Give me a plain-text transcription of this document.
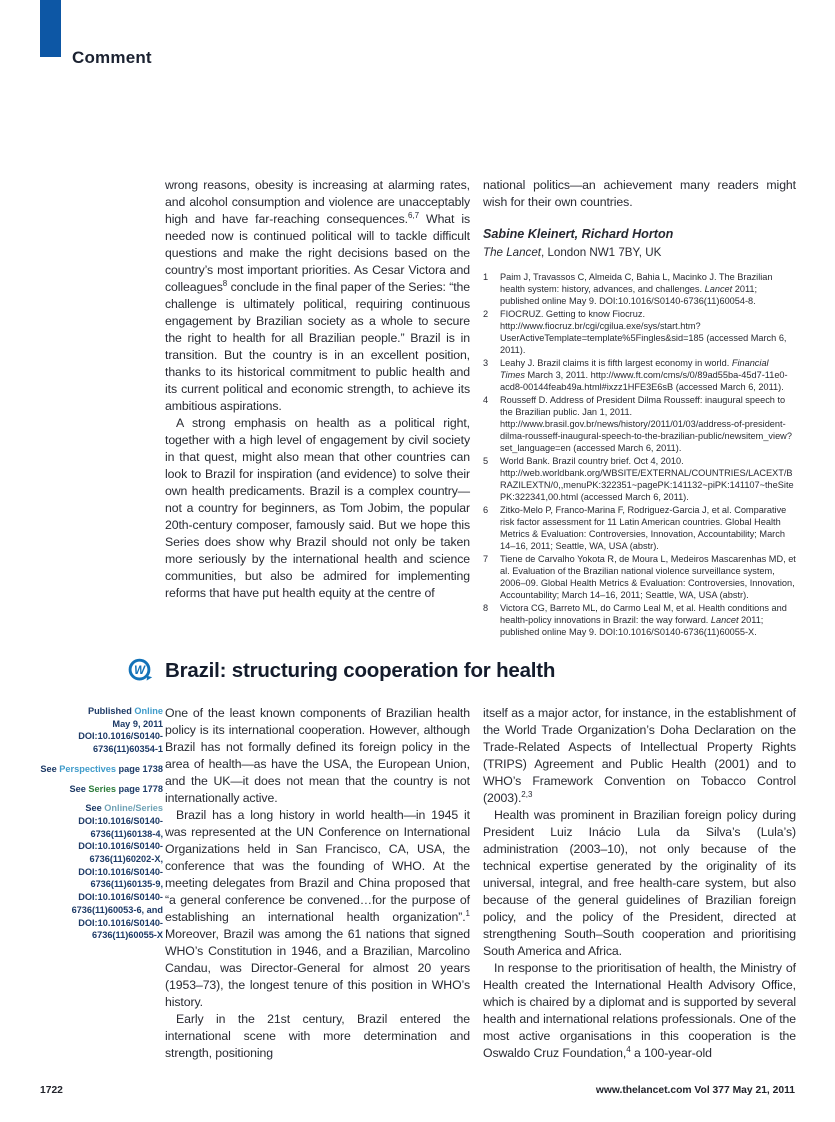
Comment

wrong reasons, obesity is increasing at alarming rates, and alcohol consumption and violence are unacceptably high and have far-reaching consequences.$^{6,7}$ What is needed now is continued political will to tackle difficult questions and make the right decisions based on the country’s most important priorities. As Cesar Victora and colleagues$^8$ conclude in the final paper of the Series: “the challenge is ultimately political, requiring continuous engagement by Brazilian society as a whole to secure the right to health for all Brazilian people.” Brazil is in transition. But the country is in an excellent position, thanks to its historical commitment to public health and its current political and economic strength, to achieve its ambitious aspirations.

A strong emphasis on health as a political right, together with a high level of engagement by civil society in that quest, might also mean that other countries can look to Brazil for inspiration (and evidence) to solve their own health predicaments. Brazil is a complex country—not a country for beginners, as Tom Jobim, the popular 20th-century composer, famously said. But we hope this Series does show why Brazil should not only be taken more seriously by the international health and science communities, but also be admired for implementing reforms that have put health equity at the centre of

national politics—an achievement many readers might wish for their own countries.

Sabine Kleinert, Richard Horton

The Lancet, London NW1 7BY, UK

1	Paim J, Travassos C, Almeida C, Bahia L, Macinko J. The Brazilian health system: history, advances, and challenges. Lancet 2011; published online May 9. DOI:10.1016/S0140-6736(11)60054-8.
2	FIOCRUZ. Getting to know Fiocruz. http://www.fiocruz.br/cgi/cgilua.exe/sys/start.htm?UserActiveTemplate=template%5Fingles&sid=185 (accessed March 6, 2011).
3	Leahy J. Brazil claims it is fifth largest economy in world. Financial Times March 3, 2011. http://www.ft.com/cms/s/0/89ad55ba-45d7-11e0-acd8-00144feab49a.html#ixzz1HFE3E6sB (accessed March 6, 2011).
4	Rousseff D. Address of President Dilma Rousseff: inaugural speech to the Brazilian public. Jan 1, 2011. http://www.brasil.gov.br/news/history/2011/01/03/address-of-president-dilma-rousseff-inaugural-speech-to-the-brazilian-public/newsitem_view?set_language=en (accessed March 6, 2011).
5	World Bank. Brazil country brief. Oct 4, 2010. http://web.worldbank.org/WBSITE/EXTERNAL/COUNTRIES/LACEXT/BRAZILEXTN/0,,menuPK:322351~pagePK:141132~piPK:141107~theSitePK:322341,00.html (accessed March 6, 2011).
6	Zitko-Melo P, Franco-Marina F, Rodriguez-Garcia J, et al. Comparative risk factor assessment for 11 Latin American countries. Global Health Metrics & Evaluation: Controversies, Innovation, Accountability; March 14–16, 2011; Seattle, WA, USA (abstr).
7	Tiene de Carvalho Yokota R, de Moura L, Medeiros Mascarenhas MD, et al. Evaluation of the Brazilian national violence surveillance system, 2006–09. Global Health Metrics & Evaluation: Controversies, Innovation, Accountability; March 14–16, 2011; Seattle, WA, USA (abstr).
8	Victora CG, Barreto ML, do Carmo Leal M, et al. Health conditions and health-policy innovations in Brazil: the way forward. Lancet 2011; published online May 9. DOI:10.1016/S0140-6736(11)60055-X.
W Brazil: structuring cooperation for health
Published Online
May 9, 2011
DOI:10.1016/S0140-
6736(11)60354-1
See Perspectives page 1738
See Series page 1778
See Online/Series
DOI:10.1016/S0140-
6736(11)60138-4,
DOI:10.1016/S0140-
6736(11)60202-X,
DOI:10.1016/S0140-
6736(11)60135-9,
DOI:10.1016/S0140-
6736(11)60053-6, and
DOI:10.1016/S0140-
6736(11)60055-X

One of the least known components of Brazilian health policy is its international cooperation. However, although Brazil has not formally defined its foreign policy in the area of health—as have the USA, the European Union, and the UK—it does not mean that the country is not internationally active.

Brazil has a long history in world health—in 1945 it was represented at the UN Conference on International Organizations held in San Francisco, CA, USA, the conference that was the founding of WHO. At the meeting delegates from Brazil and China proposed that “a general conference be convened…for the purpose of establishing an international health organization”.$^1$ Moreover, Brazil was among the 61 nations that signed WHO’s Constitution in 1946, and a Brazilian, Marcolino Candau, was Director-General for almost 20 years (1953–73), the longest tenure of this position in WHO’s history.

Early in the 21st century, Brazil entered the international scene with more determination and strength, positioning

itself as a major actor, for instance, in the establishment of the World Trade Organization’s Doha Declaration on the Trade-Related Aspects of Intellectual Property Rights (TRIPS) Agreement and Public Health (2001) and to WHO’s Framework Convention on Tobacco Control (2003).$^{2,3}$

Health was prominent in Brazilian foreign policy during President Luiz Inácio Lula da Silva’s (Lula’s) administration (2003–10), not only because of the technical expertise generated by the originality of its universal, integral, and free health-care system, but also because of the general guidelines of Brazilian foreign policy, and the policy of the President, directed at strengthening South–South cooperation and prioritising South America and Africa.

In response to the prioritisation of health, the Ministry of Health created the International Health Advisory Office, which is chaired by a diplomat and is supported by several health and international relations professionals. One of the most active organisations in this cooperation is the Oswaldo Cruz Foundation,$^4$ a 100-year-old

1722	www.thelancet.com Vol 377 May 21, 2011
